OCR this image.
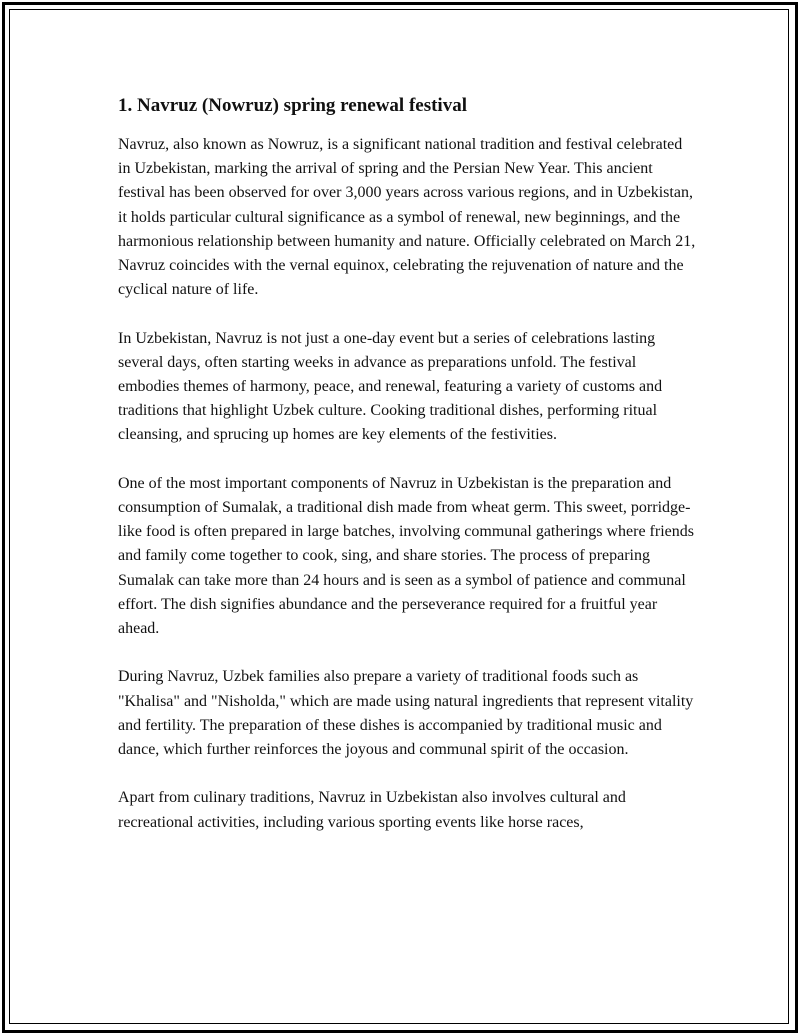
1. Navruz (Nowruz) spring renewal festival

Navruz, also known as Nowruz, is a significant national tradition and festival celebrated in Uzbekistan, marking the arrival of spring and the Persian New Year. This ancient festival has been observed for over 3,000 years across various regions, and in Uzbekistan, it holds particular cultural significance as a symbol of renewal, new beginnings, and the harmonious relationship between humanity and nature. Officially celebrated on March 21, Navruz coincides with the vernal equinox, celebrating the rejuvenation of nature and the cyclical nature of life.

In Uzbekistan, Navruz is not just a one-day event but a series of celebrations lasting several days, often starting weeks in advance as preparations unfold. The festival embodies themes of harmony, peace, and renewal, featuring a variety of customs and traditions that highlight Uzbek culture. Cooking traditional dishes, performing ritual cleansing, and sprucing up homes are key elements of the festivities.

One of the most important components of Navruz in Uzbekistan is the preparation and consumption of Sumalak, a traditional dish made from wheat germ. This sweet, porridge-like food is often prepared in large batches, involving communal gatherings where friends and family come together to cook, sing, and share stories. The process of preparing Sumalak can take more than 24 hours and is seen as a symbol of patience and communal effort. The dish signifies abundance and the perseverance required for a fruitful year ahead.

During Navruz, Uzbek families also prepare a variety of traditional foods such as "Khalisa" and "Nisholda," which are made using natural ingredients that represent vitality and fertility. The preparation of these dishes is accompanied by traditional music and dance, which further reinforces the joyous and communal spirit of the occasion.

Apart from culinary traditions, Navruz in Uzbekistan also involves cultural and recreational activities, including various sporting events like horse races,
